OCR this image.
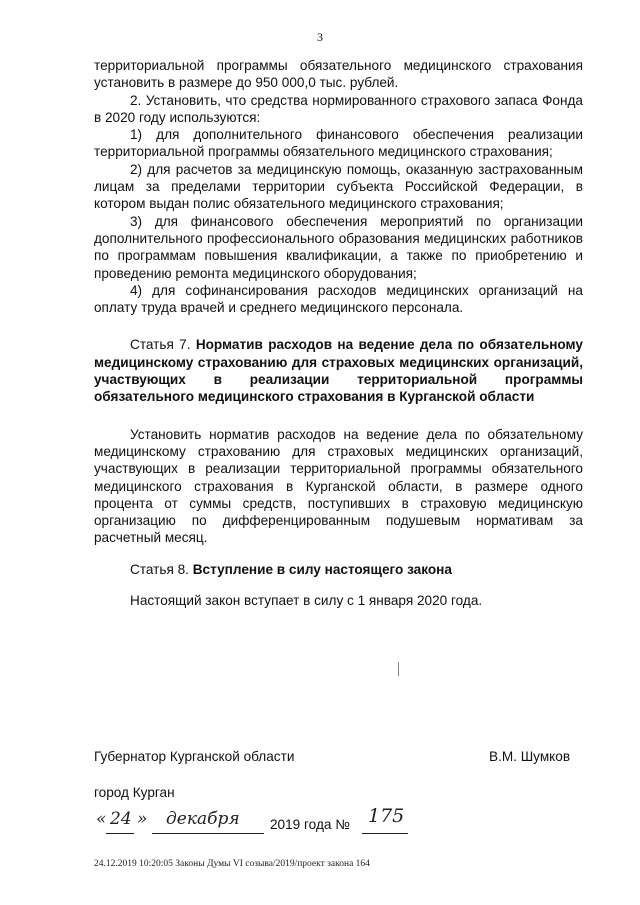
3

территориальной программы обязательного медицинского страхования установить в размере до 950 000,0 тыс. рублей.

2. Установить, что средства нормированного страхового запаса Фонда в 2020 году используются:

1) для дополнительного финансового обеспечения реализации территориальной программы обязательного медицинского страхования;

2) для расчетов за медицинскую помощь, оказанную застрахованным лицам за пределами территории субъекта Российской Федерации, в котором выдан полис обязательного медицинского страхования;

3) для финансового обеспечения мероприятий по организации дополнительного профессионального образования медицинских работников по программам повышения квалификации, а также по приобретению и проведению ремонта медицинского оборудования;

4) для софинансирования расходов медицинских организаций на оплату труда врачей и среднего медицинского персонала.

Статья 7. Норматив расходов на ведение дела по обязательному медицинскому страхованию для страховых медицинских организаций, участвующих в реализации территориальной программы обязательного медицинского страхования в Курганской области

Установить норматив расходов на ведение дела по обязательному медицинскому страхованию для страховых медицинских организаций, участвующих в реализации территориальной программы обязательного медицинского страхования в Курганской области, в размере одного процента от суммы средств, поступивших в страховую медицинскую организацию по дифференцированным подушевым нормативам за расчетный месяц.

Статья 8. Вступление в силу настоящего закона

Настоящий закон вступает в силу с 1 января 2020 года.

Губернатор Курганской области	В.М. Шумков
город Курган
« 24 » декабря 2019 года № 175
24.12.2019 10:20:05 Законы Думы VI созыва/2019/проект закона 164
